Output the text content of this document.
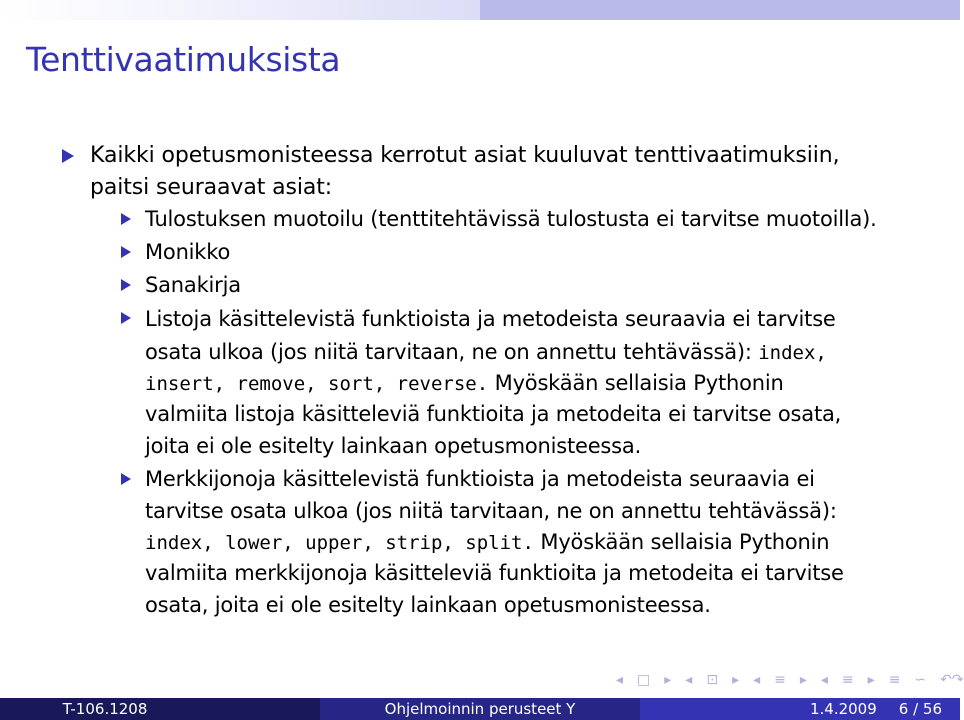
Tenttivaatimuksista
Kaikki opetusmonisteessa kerrotut asiat kuuluvat tenttivaatimuksiin,
paitsi seuraavat asiat:
Tulostuksen muotoilu (tenttitehtävissä tulostusta ei tarvitse muotoilla).
Monikko
Sanakirja
Listoja käsittelevistä funktioista ja metodeista seuraavia ei tarvitse
osata ulkoa (jos niitä tarvitaan, ne on annettu tehtävässä): index,
insert, remove, sort, reverse. Myöskään sellaisia Pythonin
valmiita listoja käsitteleviä funktioita ja metodeita ei tarvitse osata,
joita ei ole esitelty lainkaan opetusmonisteessa.
Merkkijonoja käsittelevistä funktioista ja metodeista seuraavia ei
tarvitse osata ulkoa (jos niitä tarvitaan, ne on annettu tehtävässä):
index, lower, upper, strip, split. Myöskään sellaisia Pythonin
valmiita merkkijonoja käsitteleviä funktioita ja metodeita ei tarvitse
osata, joita ei ole esitelty lainkaan opetusmonisteessa.
◂ □ ▸ ◂ ⊡ ▸ ◂ ≡ ▸ ◂ ≡ ▸ ≡ ∽ ↶↷
T-106.1208	Ohjelmoinnin perusteet Y	1.4.2009 6 / 56
